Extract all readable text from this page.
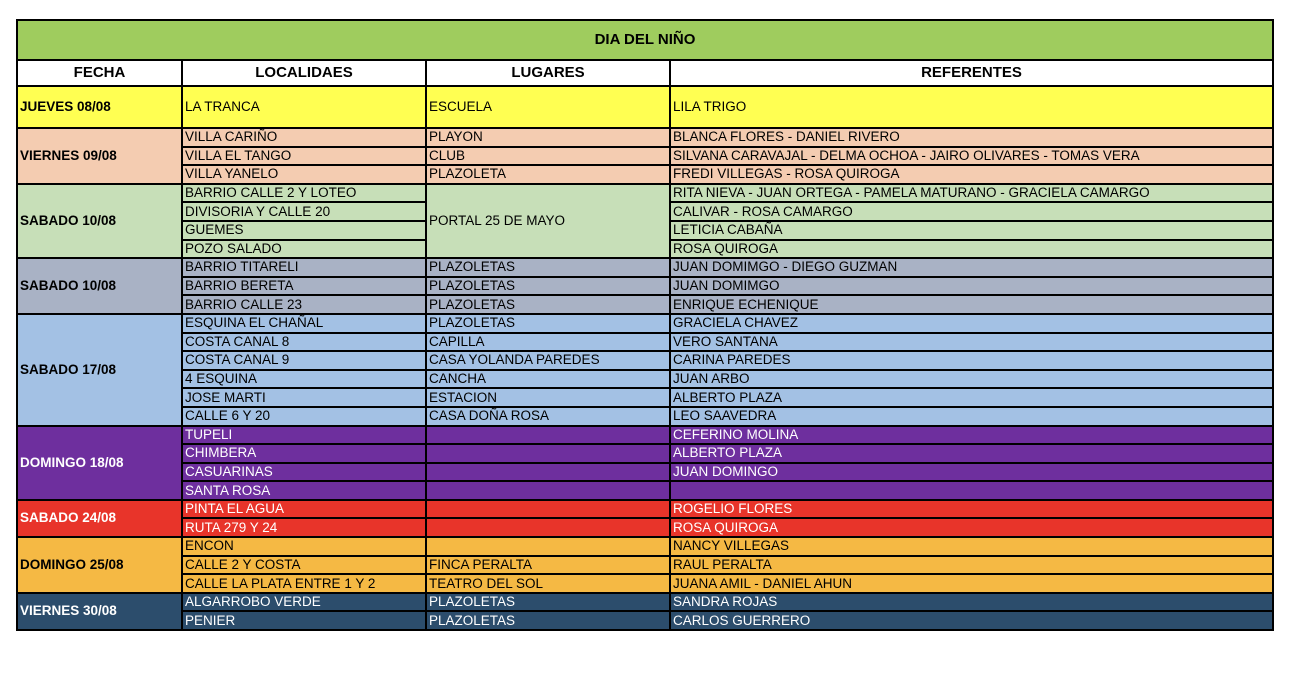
DIA DEL NIÑO			
FECHA	LOCALIDAES	LUGARES	REFERENTES
JUEVES 08/08	LA TRANCA	ESCUELA	LILA TRIGO
VIERNES 09/08	VILLA CARIÑO	PLAYON	BLANCA FLORES - DANIEL RIVERO
	VILLA EL TANGO	CLUB	SILVANA CARAVAJAL - DELMA OCHOA - JAIRO OLIVARES - TOMAS VERA
	VILLA YANELO	PLAZOLETA	FREDI VILLEGAS - ROSA QUIROGA
SABADO 10/08	BARRIO CALLE 2 Y LOTEO	PORTAL 25 DE MAYO	RITA NIEVA - JUAN ORTEGA - PAMELA MATURANO - GRACIELA CAMARGO
	DIVISORIA Y CALLE 20		CALIVAR - ROSA CAMARGO
	GUEMES		LETICIA CABAÑA
	POZO SALADO		ROSA QUIROGA
SABADO 10/08	BARRIO TITARELI	PLAZOLETAS	JUAN DOMIMGO - DIEGO GUZMAN
	BARRIO BERETA	PLAZOLETAS	JUAN DOMIMGO
	BARRIO CALLE 23	PLAZOLETAS	ENRIQUE ECHENIQUE
SABADO 17/08	ESQUINA EL CHAÑAL	PLAZOLETAS	GRACIELA CHAVEZ
	COSTA CANAL 8	CAPILLA	VERO SANTANA
	COSTA CANAL 9	CASA YOLANDA PAREDES	CARINA PAREDES
	4 ESQUINA	CANCHA	JUAN ARBO
	JOSE MARTI	ESTACION	ALBERTO PLAZA
	CALLE 6 Y 20	CASA DOÑA ROSA	LEO SAAVEDRA
DOMINGO 18/08	TUPELI		CEFERINO MOLINA
	CHIMBERA		ALBERTO PLAZA
	CASUARINAS		JUAN DOMINGO
	SANTA ROSA		
SABADO 24/08	PINTA EL AGUA		ROGELIO FLORES
	RUTA 279 Y 24		ROSA QUIROGA
DOMINGO 25/08	ENCON		NANCY VILLEGAS
	CALLE 2 Y COSTA	FINCA PERALTA	RAUL PERALTA
	CALLE LA PLATA ENTRE 1 Y 2	TEATRO DEL SOL	JUANA AMIL - DANIEL AHUN
VIERNES 30/08	ALGARROBO VERDE	PLAZOLETAS	SANDRA ROJAS
	PENIER	PLAZOLETAS	CARLOS GUERRERO
